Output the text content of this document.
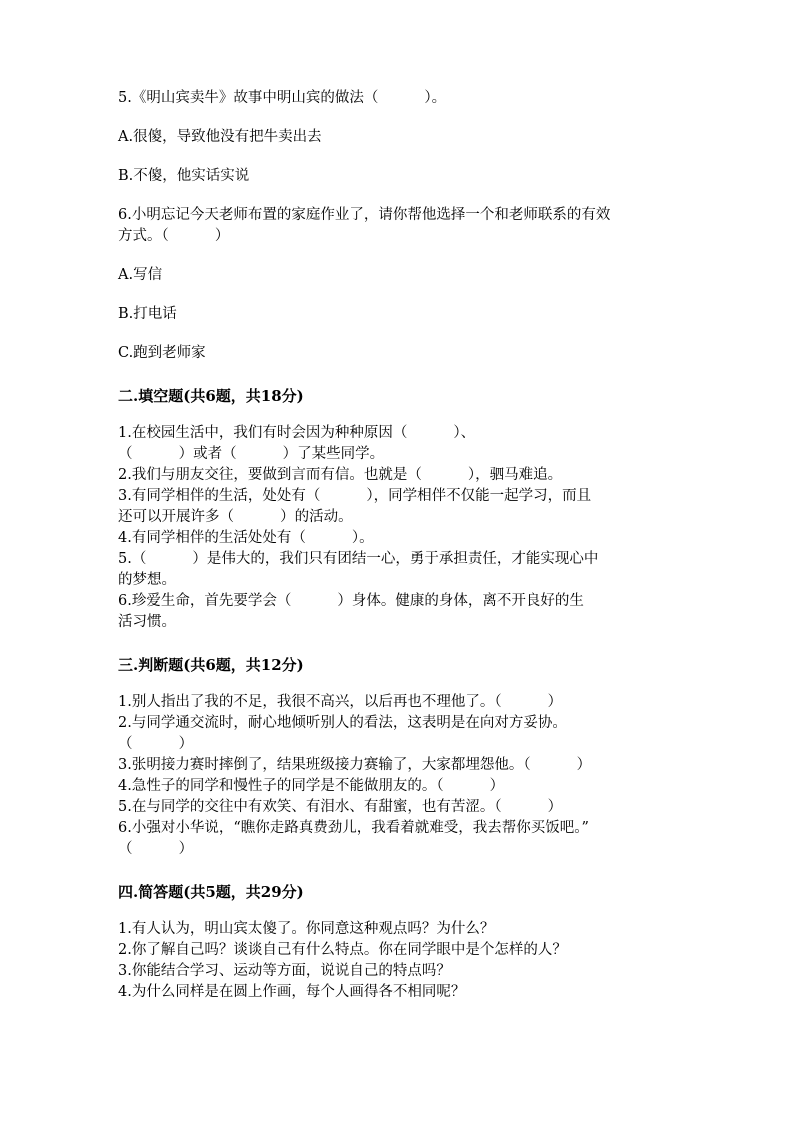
5.《明山宾卖牛》故事中明山宾的做法（          ）。
A.很傻，导致他没有把牛卖出去
B.不傻，他实话实说
6.小明忘记今天老师布置的家庭作业了，请你帮他选择一个和老师联系的有效
方式。（          ）
A.写信
B.打电话
C.跑到老师家
二.填空题(共6题，共18分)
1.在校园生活中，我们有时会因为种种原因（          ）、
（          ）或者（          ）了某些同学。
2.我们与朋友交往，要做到言而有信。也就是（          ），驷马难追。
3.有同学相伴的生活，处处有（          ），同学相伴不仅能一起学习，而且
还可以开展许多（          ）的活动。
4.有同学相伴的生活处处有（          ）。
5.（          ）是伟大的，我们只有团结一心，勇于承担责任，才能实现心中
的梦想。
6.珍爱生命，首先要学会（          ）身体。健康的身体，离不开良好的生
活习惯。
三.判断题(共6题，共12分)
1.别人指出了我的不足，我很不高兴，以后再也不理他了。（          ）
2.与同学通交流时，耐心地倾听别人的看法，这表明是在向对方妥协。
（          ）
3.张明接力赛时摔倒了，结果班级接力赛输了，大家都埋怨他。（          ）
4.急性子的同学和慢性子的同学是不能做朋友的。（          ）
5.在与同学的交往中有欢笑、有泪水、有甜蜜，也有苦涩。（          ）
6.小强对小华说，“瞧你走路真费劲儿，我看着就难受，我去帮你买饭吧。”
（          ）
四.简答题(共5题，共29分)
1.有人认为，明山宾太傻了。你同意这种观点吗？为什么？
2.你了解自己吗？谈谈自己有什么特点。你在同学眼中是个怎样的人？
3.你能结合学习、运动等方面，说说自己的特点吗？
4.为什么同样是在圆上作画，每个人画得各不相同呢？
